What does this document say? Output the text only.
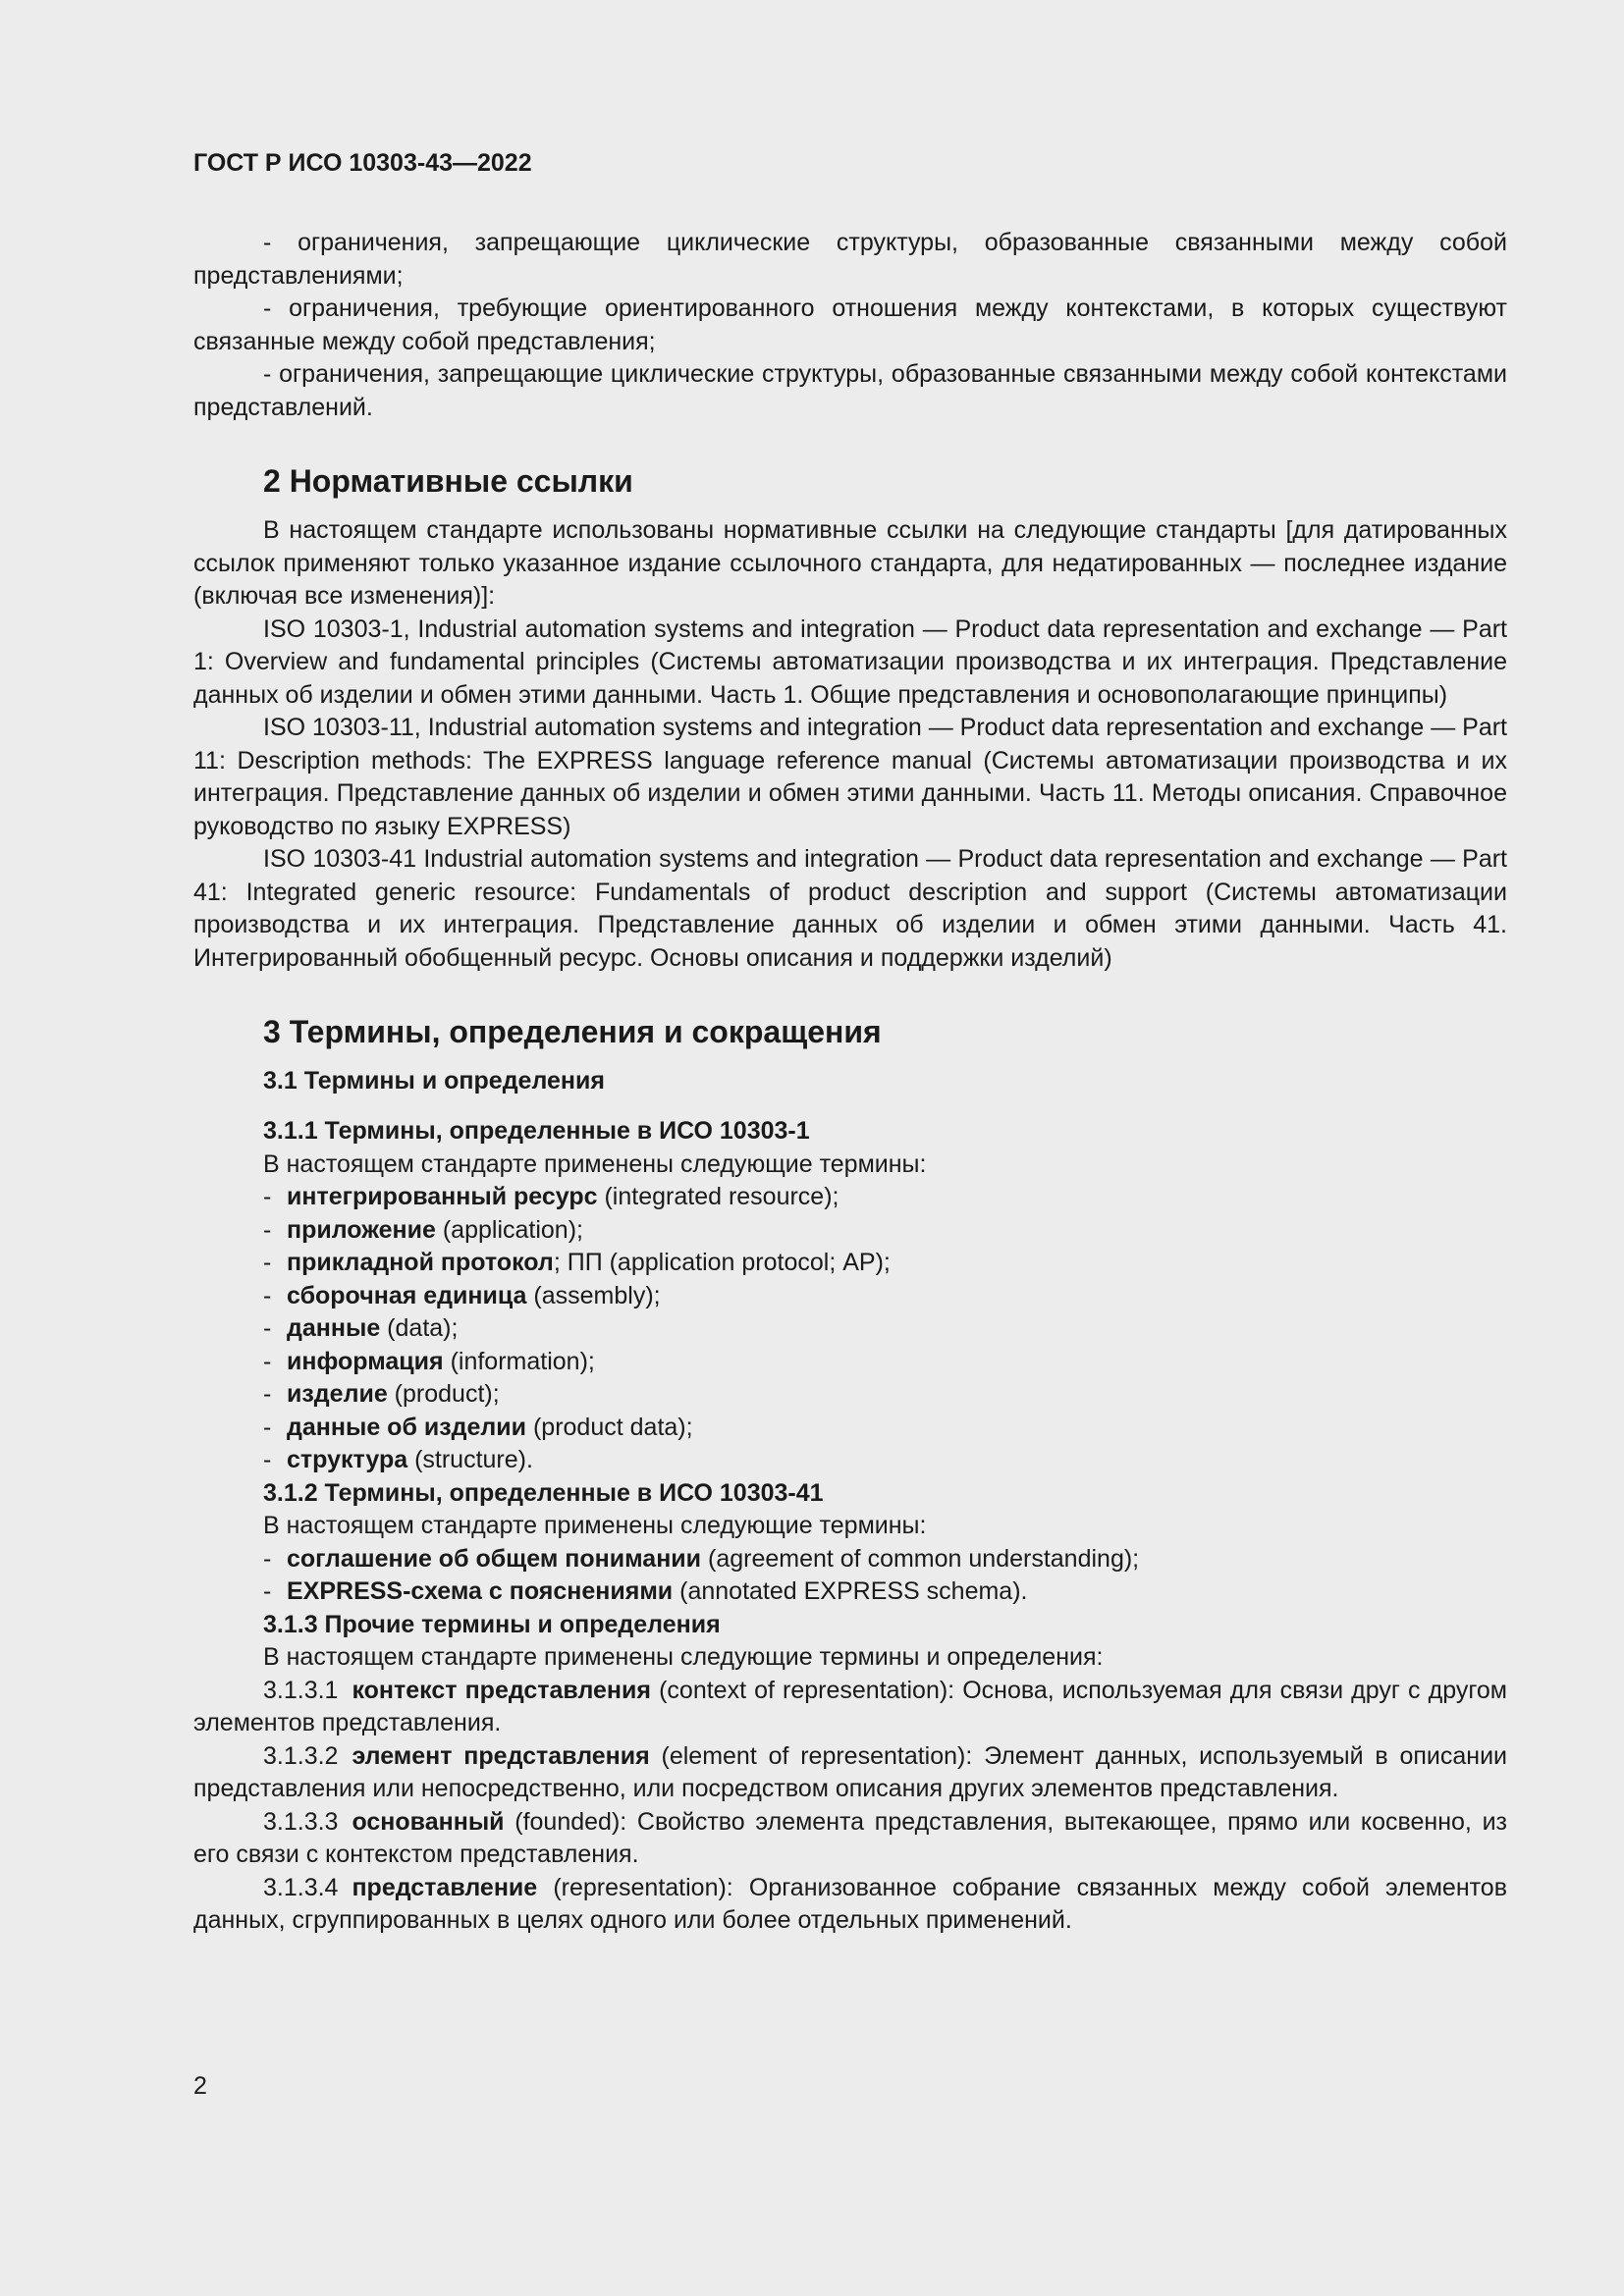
ГОСТ Р ИСО 10303-43—2022

- ограничения, запрещающие циклические структуры, образованные связанными между собой представлениями;

- ограничения, требующие ориентированного отношения между контекстами, в которых существуют связанные между собой представления;

- ограничения, запрещающие циклические структуры, образованные связанными между собой контекстами представлений.

2 Нормативные ссылки

В настоящем стандарте использованы нормативные ссылки на следующие стандарты [для датированных ссылок применяют только указанное издание ссылочного стандарта, для недатированных — последнее издание (включая все изменения)]:

ISO 10303-1, Industrial automation systems and integration — Product data representation and exchange — Part 1: Overview and fundamental principles (Системы автоматизации производства и их интеграция. Представление данных об изделии и обмен этими данными. Часть 1. Общие представления и основополагающие принципы)

ISO 10303-11, Industrial automation systems and integration — Product data representation and exchange — Part 11: Description methods: The EXPRESS language reference manual (Системы автоматизации производства и их интеграция. Представление данных об изделии и обмен этими данными. Часть 11. Методы описания. Справочное руководство по языку EXPRESS)

ISO 10303-41 Industrial automation systems and integration — Product data representation and exchange — Part 41: Integrated generic resource: Fundamentals of product description and support (Системы автоматизации производства и их интеграция. Представление данных об изделии и обмен этими данными. Часть 41. Интегрированный обобщенный ресурс. Основы описания и поддержки изделий)

3 Термины, определения и сокращения
3.1 Термины и определения
3.1.1 Термины, определенные в ИСО 10303-1

В настоящем стандарте применены следующие термины:

- интегрированный ресурс (integrated resource);
- приложение (application);
- прикладной протокол; ПП (application protocol; АР);
- сборочная единица (assembly);
- данные (data);
- информация (information);
- изделие (product);
- данные об изделии (product data);
- структура (structure).
3.1.2 Термины, определенные в ИСО 10303-41

В настоящем стандарте применены следующие термины:

- соглашение об общем понимании (agreement of common understanding);
- EXPRESS-схема с пояснениями (annotated EXPRESS schema).
3.1.3 Прочие термины и определения

В настоящем стандарте применены следующие термины и определения:

3.1.3.1 контекст представления (context of representation): Основа, используемая для связи друг с другом элементов представления.

3.1.3.2 элемент представления (element of representation): Элемент данных, используемый в описании представления или непосредственно, или посредством описания других элементов представления.

3.1.3.3 основанный (founded): Свойство элемента представления, вытекающее, прямо или косвенно, из его связи с контекстом представления.

3.1.3.4 представление (representation): Организованное собрание связанных между собой элементов данных, сгруппированных в целях одного или более отдельных применений.

2
